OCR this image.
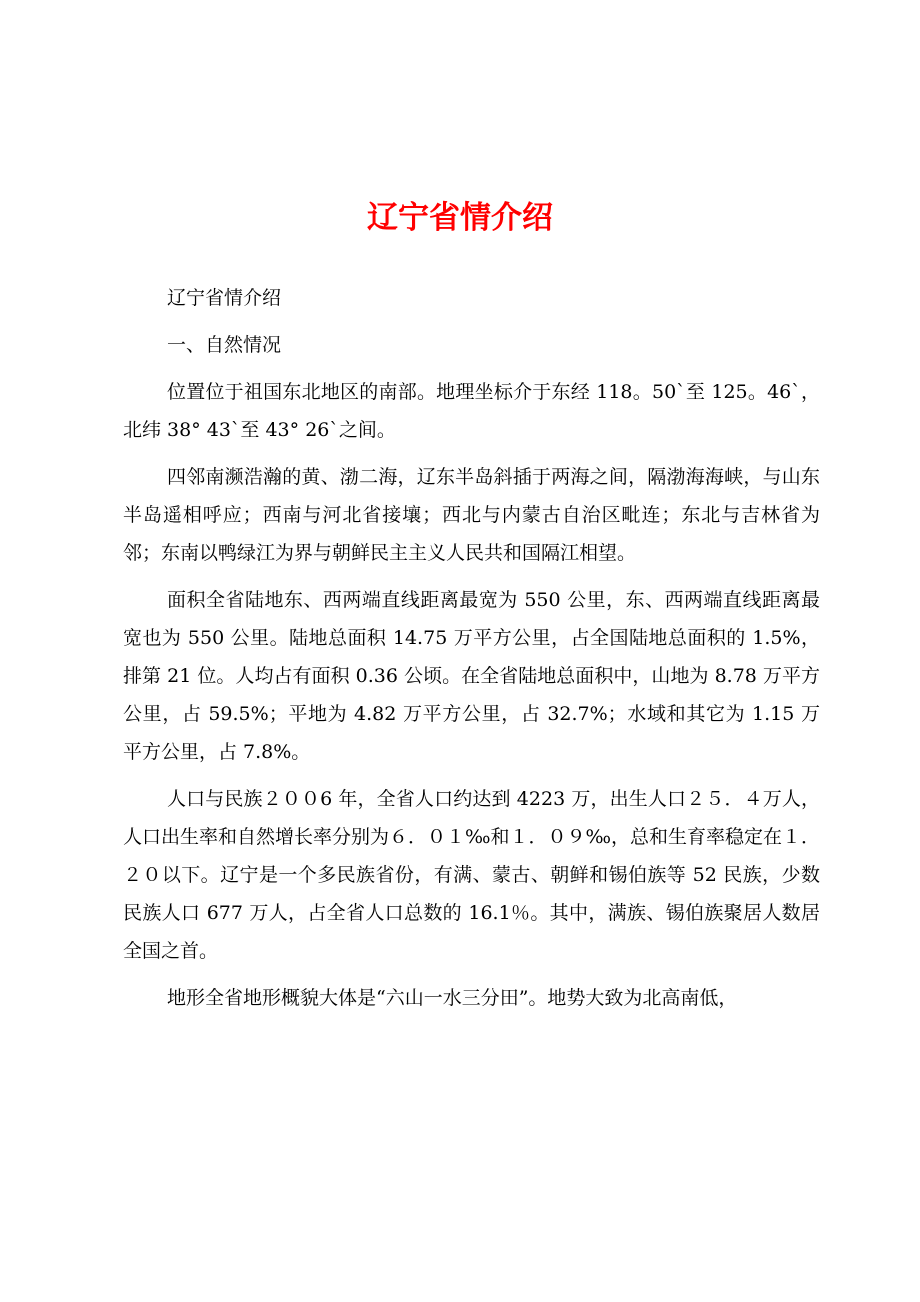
辽宁省情介绍

辽宁省情介绍

一、自然情况

位置位于祖国东北地区的南部。地理坐标介于东经 118。50`至 125。46`，北纬 38° 43`至 43° 26`之间。

四邻南濒浩瀚的黄、渤二海，辽东半岛斜插于两海之间，隔渤海海峡，与山东半岛遥相呼应；西南与河北省接壤；西北与内蒙古自治区毗连；东北与吉林省为邻；东南以鸭绿江为界与朝鲜民主主义人民共和国隔江相望。

面积全省陆地东、西两端直线距离最宽为 550 公里，东、西两端直线距离最宽也为 550 公里。陆地总面积 14.75 万平方公里，占全国陆地总面积的 1.5%，排第 21 位。人均占有面积 0.36 公顷。在全省陆地总面积中，山地为 8.78 万平方公里，占 59.5%；平地为 4.82 万平方公里，占 32.7%；水域和其它为 1.15 万平方公里，占 7.8%。

人口与民族２００6 年，全省人口约达到 4223 万，出生人口２５．４万人，人口出生率和自然增长率分别为６．０１‰和１．０９‰，总和生育率稳定在１．２０以下。辽宁是一个多民族省份，有满、蒙古、朝鲜和锡伯族等 52 民族，少数民族人口 677 万人，占全省人口总数的 16.1％。其中，满族、锡伯族聚居人数居全国之首。

地形全省地形概貌大体是“六山一水三分田”。地势大致为北高南低，
